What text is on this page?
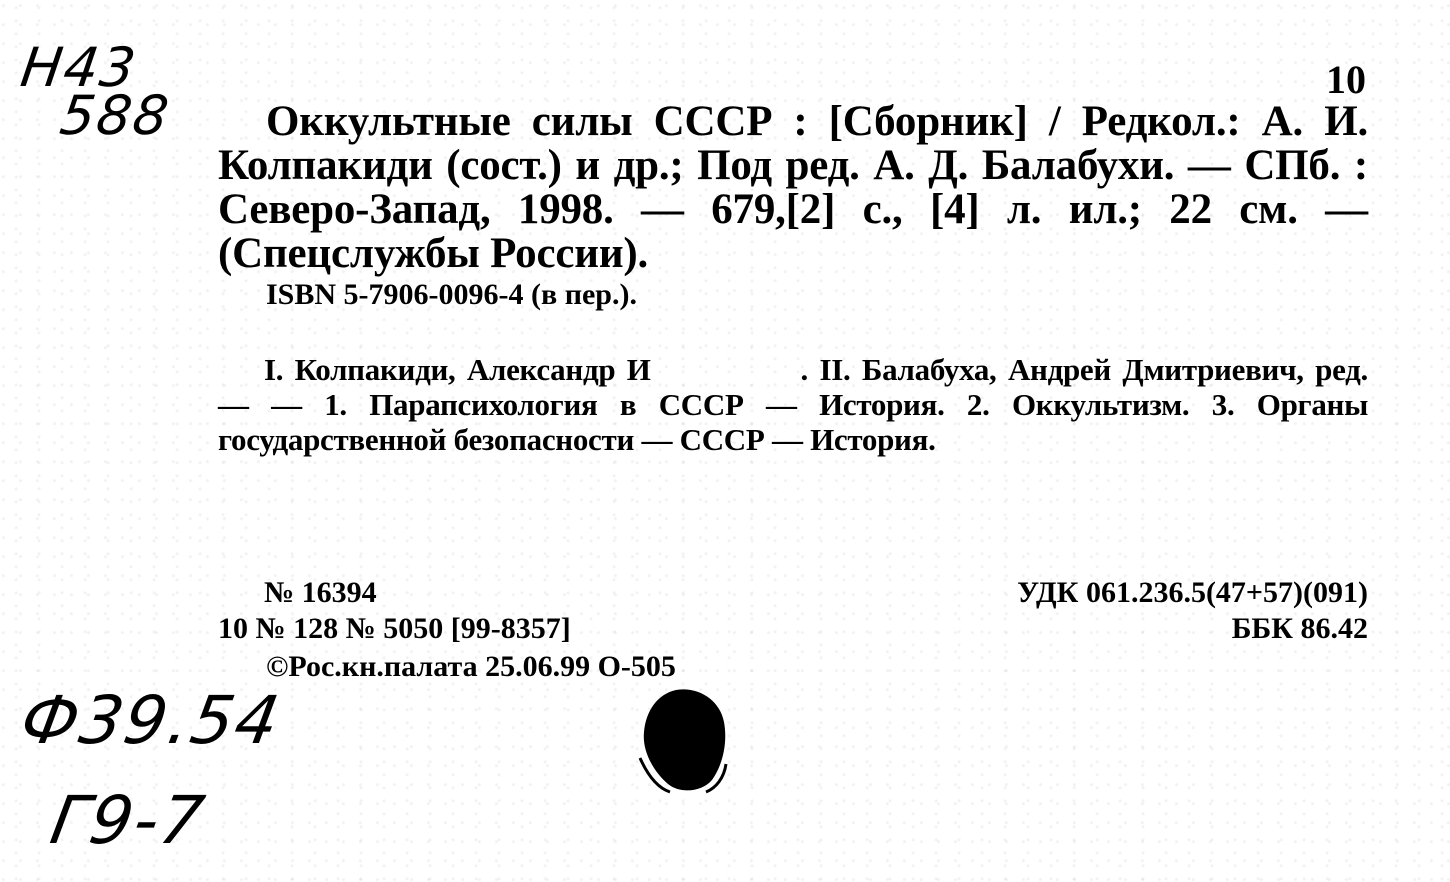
Н43
588
10
Оккультные силы СССР : [Сборник] / Редкол.: А. И. Колпакиди (сост.) и др.; Под ред. А. Д. Балабухи. — СПб. : Северо-Запад, 1998. — 679,[2] с., [4] л. ил.; 22 см. — (Спецслужбы России).
ISBN 5-7906-0096-4 (в пер.).
I. Колпакиди, Александр И	. II. Балабуха, Андрей Дмитриевич, ред. — — 1. Парапсихология в СССР — История. 2. Оккультизм. 3. Органы государственной безопасности — СССР — История.
№ 16394
10 № 128 № 5050 [99-8357]
©Рос.кн.палата 25.06.99 О-505
УДК 061.236.5(47+57)(091)
ББК 86.42
Ф39.54
Г9-7
